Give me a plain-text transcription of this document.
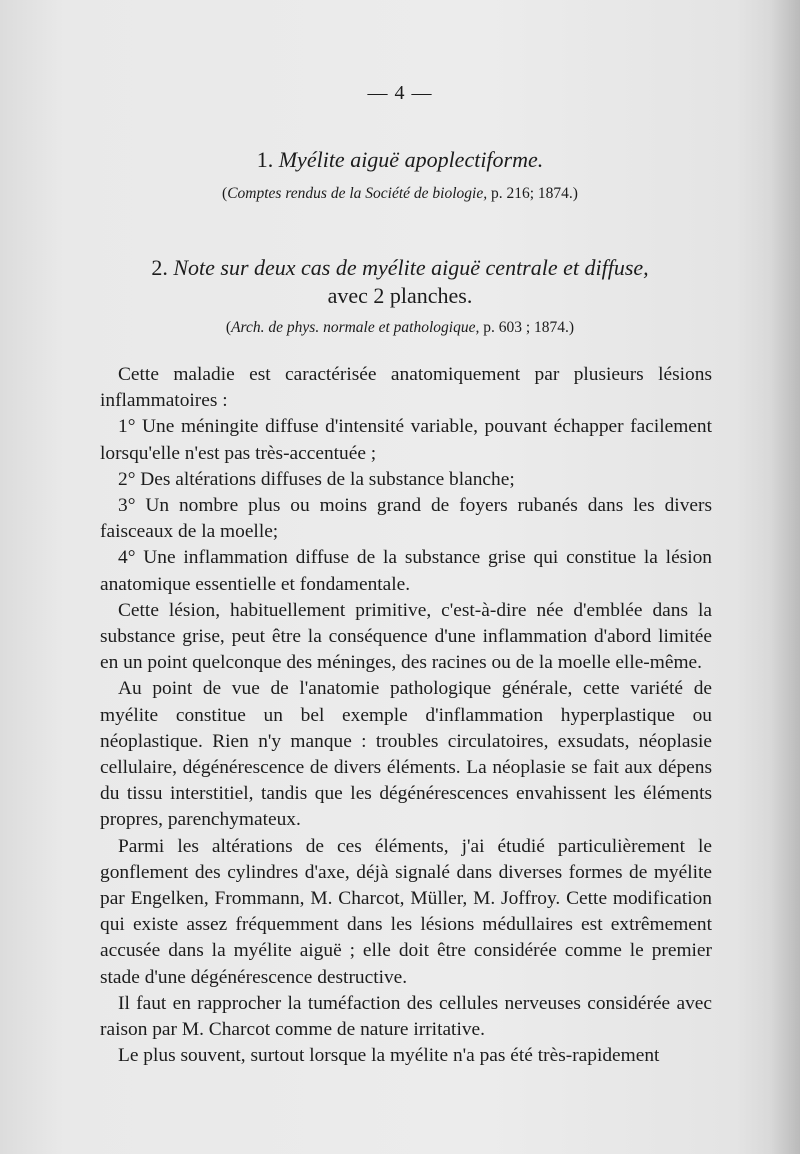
— 4 —
1. Myélite aiguë apoplectiforme.
(Comptes rendus de la Société de biologie, p. 216; 1874.)
2. Note sur deux cas de myélite aiguë centrale et diffuse,
avec 2 planches.
(Arch. de phys. normale et pathologique, p. 603 ; 1874.)

Cette maladie est caractérisée anatomiquement par plusieurs lésions inflammatoires :

1° Une méningite diffuse d'intensité variable, pouvant échapper facilement lorsqu'elle n'est pas très-accentuée ;

2° Des altérations diffuses de la substance blanche;

3° Un nombre plus ou moins grand de foyers rubanés dans les divers faisceaux de la moelle;

4° Une inflammation diffuse de la substance grise qui constitue la lésion anatomique essentielle et fondamentale.

Cette lésion, habituellement primitive, c'est-à-dire née d'emblée dans la substance grise, peut être la conséquence d'une inflammation d'abord limitée en un point quelconque des méninges, des racines ou de la moelle elle-même.

Au point de vue de l'anatomie pathologique générale, cette variété de myélite constitue un bel exemple d'inflammation hyperplastique ou néoplastique. Rien n'y manque : troubles circulatoires, exsudats, néoplasie cellulaire, dégénérescence de divers éléments. La néoplasie se fait aux dépens du tissu interstitiel, tandis que les dégénérescences envahissent les éléments propres, parenchymateux.

Parmi les altérations de ces éléments, j'ai étudié particulièrement le gonflement des cylindres d'axe, déjà signalé dans diverses formes de myélite par Engelken, Frommann, M. Charcot, Müller, M. Joffroy. Cette modification qui existe assez fréquemment dans les lésions médullaires est extrêmement accusée dans la myélite aiguë ; elle doit être considérée comme le premier stade d'une dégénérescence destructive.

Il faut en rapprocher la tuméfaction des cellules nerveuses considérée avec raison par M. Charcot comme de nature irritative.

Le plus souvent, surtout lorsque la myélite n'a pas été très-rapidement
